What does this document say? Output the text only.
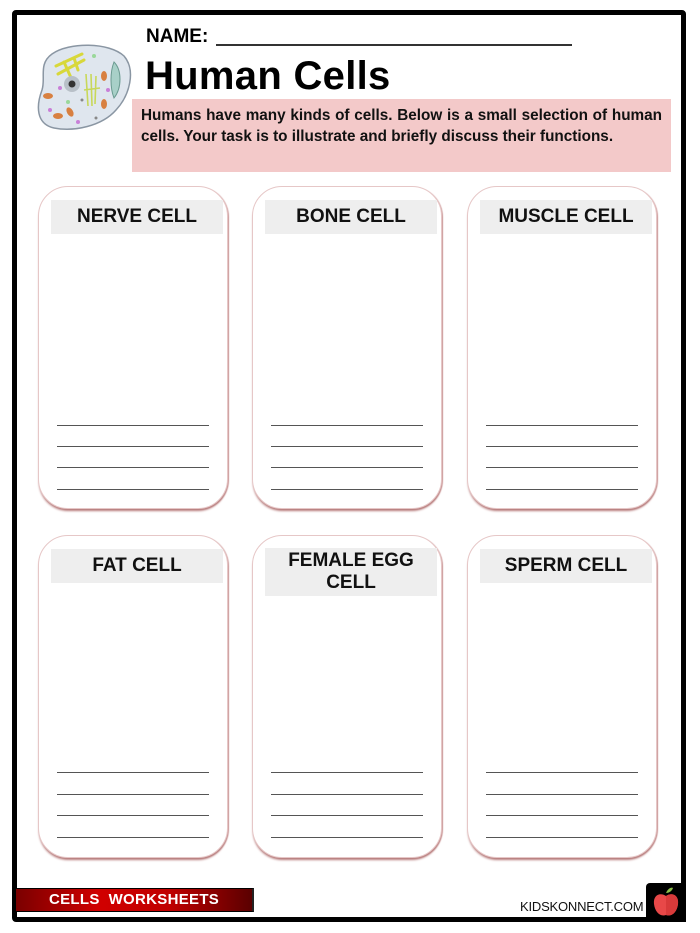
NAME:
Human Cells
Humans have many kinds of cells. Below is a small selection of human cells. Your task is to illustrate and briefly discuss their functions.
NERVE CELL	BONE CELL	MUSCLE CELL
FAT CELL	FEMALE EGG CELL
SPERM CELL
CELLS  WORKSHEETS	KIDSKONNECT.COM
